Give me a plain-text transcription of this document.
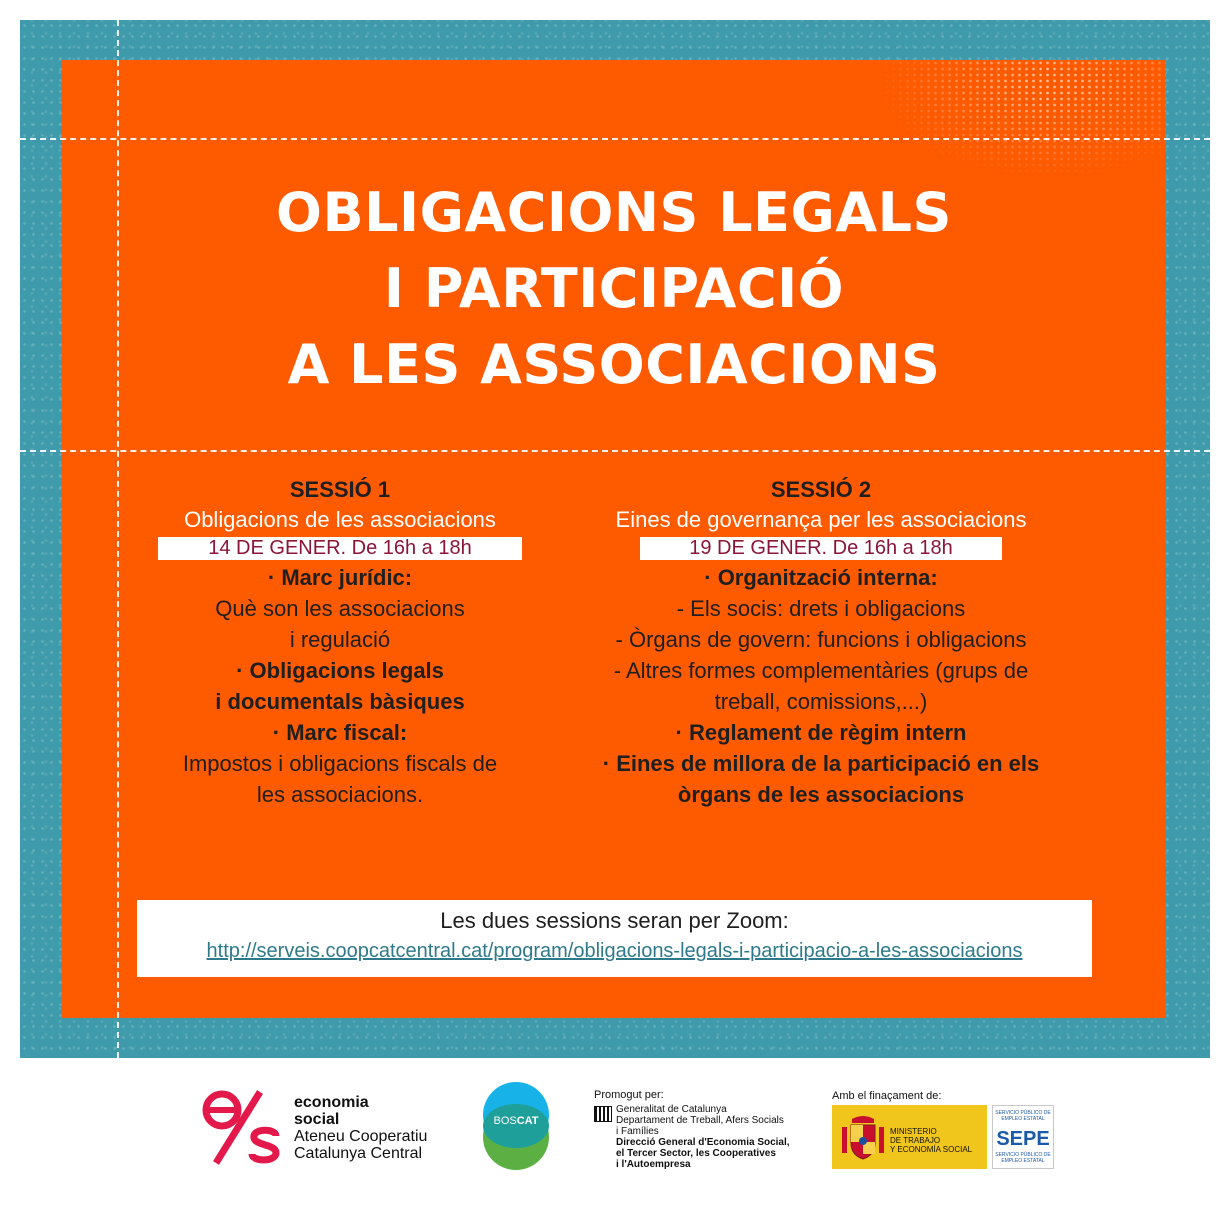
OBLIGACIONS LEGALS
I PARTICIPACIÓ
A LES ASSOCIACIONS
SESSIÓ 1
Obligacions de les associacions
14 DE GENER. De 16h a 18h
· Marc jurídic:
Què son les associacions
i regulació
· Obligacions legals
i documentals bàsiques
· Marc fiscal:
Impostos i obligacions fiscals de
les associacions.
SESSIÓ 2
Eines de governança per les associacions
19 DE GENER. De 16h a 18h
· Organització interna:
- Els socis: drets i obligacions
- Òrgans de govern: funcions i obligacions
- Altres formes complementàries (grups de
treball, comissions,...)
· Reglament de règim intern
· Eines de millora de la participació en els
òrgans de les associacions
Les dues sessions seran per Zoom:
http://serveis.coopcatcentral.cat/program/obligacions-legals-i-participacio-a-les-associacions
economia
social
Ateneu Cooperatiu
Catalunya Central
BOSCAT
Promogut per:
Generalitat de Catalunya
Departament de Treball, Afers Socials
i Famílies
Direcció General d'Economia Social,
el Tercer Sector, les Cooperatives
i l'Autoempresa
Amb el finaçament de:
MINISTERIO
DE TRABAJO
Y ECONOMÍA SOCIAL
SERVICIO PÚBLICO DE EMPLEO ESTATAL
SEPE
SERVICIO PÚBLICO DE EMPLEO ESTATAL
